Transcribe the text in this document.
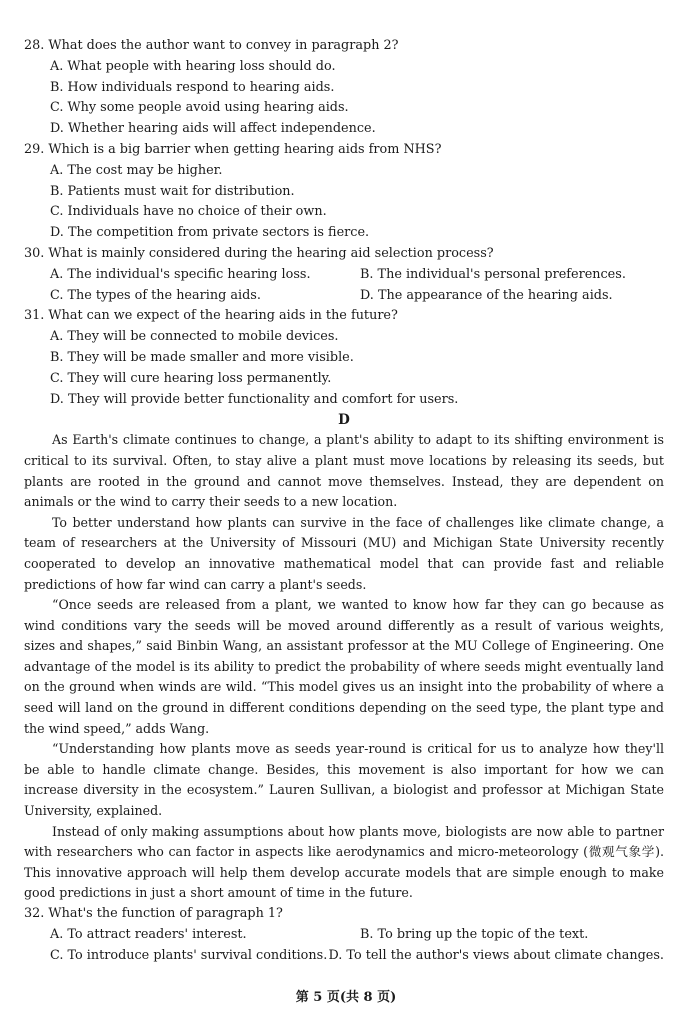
28. What does the author want to convey in paragraph 2?

A. What people with hearing loss should do.

B. How individuals respond to hearing aids.

C. Why some people avoid using hearing aids.

D. Whether hearing aids will affect independence.

29. Which is a big barrier when getting hearing aids from NHS?

A. The cost may be higher.

B. Patients must wait for distribution.

C. Individuals have no choice of their own.

D. The competition from private sectors is fierce.

30. What is mainly considered during the hearing aid selection process?

A. The individual's specific hearing loss.	B. The individual's personal preferences.
C. The types of the hearing aids.	D. The appearance of the hearing aids.

31. What can we expect of the hearing aids in the future?

A. They will be connected to mobile devices.

B. They will be made smaller and more visible.

C. They will cure hearing loss permanently.

D. They will provide better functionality and comfort for users.

D

As Earth's climate continues to change, a plant's ability to adapt to its shifting environment is critical to its survival. Often, to stay alive a plant must move locations by releasing its seeds, but plants are rooted in the ground and cannot move themselves. Instead, they are dependent on animals or the wind to carry their seeds to a new location.

To better understand how plants can survive in the face of challenges like climate change, a team of researchers at the University of Missouri (MU) and Michigan State University recently cooperated to develop an innovative mathematical model that can provide fast and reliable predictions of how far wind can carry a plant's seeds.

“Once seeds are released from a plant, we wanted to know how far they can go because as wind conditions vary the seeds will be moved around differently as a result of various weights, sizes and shapes,” said Binbin Wang, an assistant professor at the MU College of Engineering. One advantage of the model is its ability to predict the probability of where seeds might eventually land on the ground when winds are wild. “This model gives us an insight into the probability of where a seed will land on the ground in different conditions depending on the seed type, the plant type and the wind speed,” adds Wang.

“Understanding how plants move as seeds year-round is critical for us to analyze how they'll be able to handle climate change. Besides, this movement is also important for how we can increase diversity in the ecosystem.” Lauren Sullivan, a biologist and professor at Michigan State University, explained.

Instead of only making assumptions about how plants move, biologists are now able to partner with researchers who can factor in aspects like aerodynamics and micro-meteorology (微观气象学). This innovative approach will help them develop accurate models that are simple enough to make good predictions in just a short amount of time in the future.

32. What's the function of paragraph 1?

A. To attract readers' interest.	B. To bring up the topic of the text.
C. To introduce plants' survival conditions. D. To tell the author's views about climate changes.
第 5 页(共 8 页)
